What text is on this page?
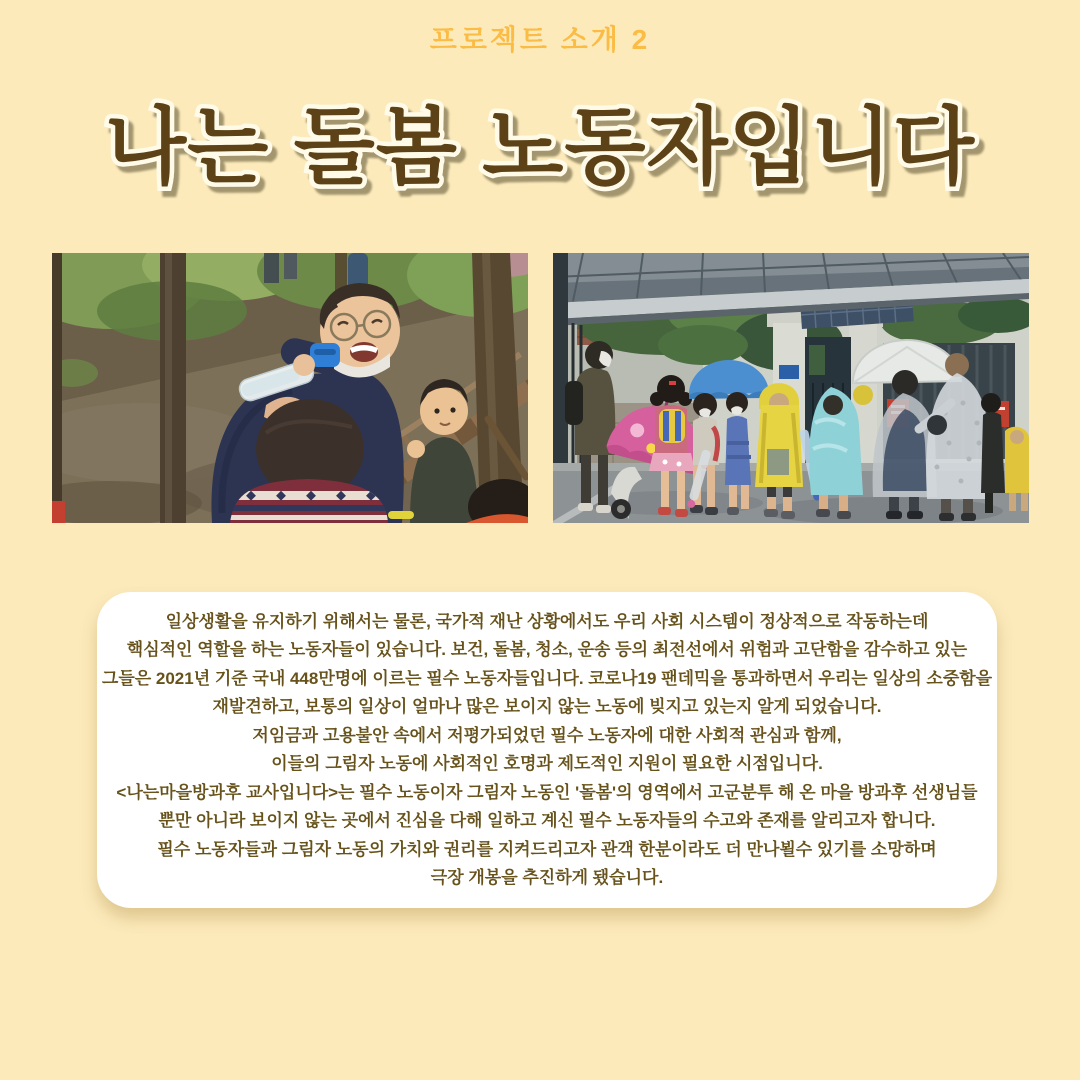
프로젝트 소개 2
나는 돌봄 노동자입니다
일상생활을 유지하기 위해서는 물론, 국가적 재난 상황에서도 우리 사회 시스템이 정상적으로 작동하는데
핵심적인 역할을 하는 노동자들이 있습니다. 보건, 돌봄, 청소, 운송 등의 최전선에서 위험과 고단함을 감수하고 있는
그들은 2021년 기준 국내 448만명에 이르는 필수 노동자들입니다. 코로나19 팬데믹을 통과하면서 우리는 일상의 소중함을
재발견하고, 보통의 일상이 얼마나 많은 보이지 않는 노동에 빚지고 있는지 알게 되었습니다.
저임금과 고용불안 속에서 저평가되었던 필수 노동자에 대한 사회적 관심과 함께,
이들의 그림자 노동에 사회적인 호명과 제도적인 지원이 필요한 시점입니다.
<나는마을방과후 교사입니다>는 필수 노동이자 그림자 노동인 '돌봄'의 영역에서 고군분투 해 온 마을 방과후 선생님들
뿐만 아니라 보이지 않는 곳에서 진심을 다해 일하고 계신 필수 노동자들의 수고와 존재를 알리고자 합니다.
필수 노동자들과 그림자 노동의 가치와 권리를 지켜드리고자 관객 한분이라도 더 만나뵐수 있기를 소망하며
극장 개봉을 추진하게 됐습니다.
